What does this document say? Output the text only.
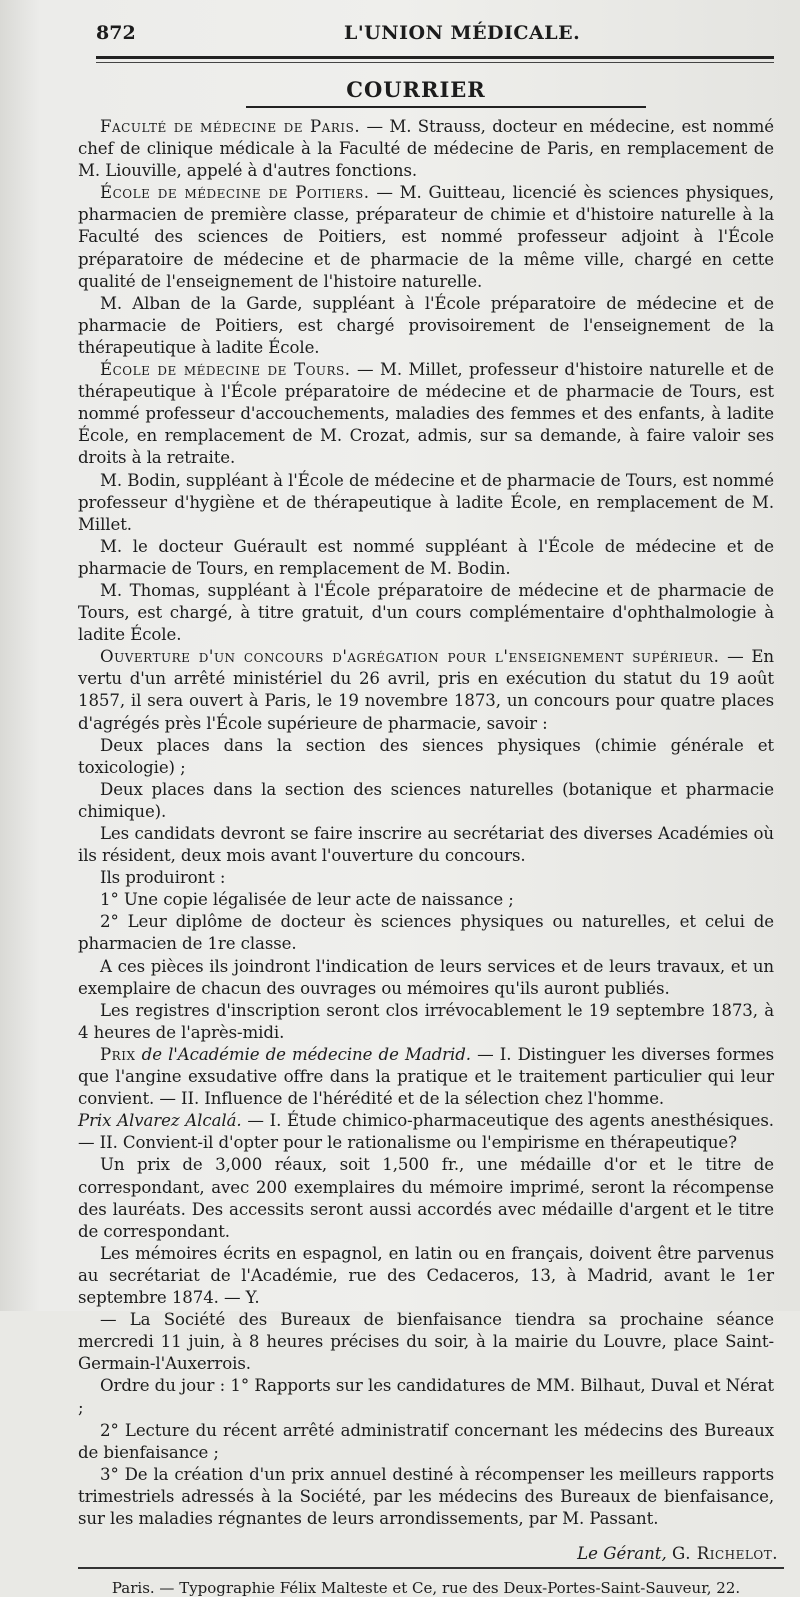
872	L'UNION MÉDICALE.
COURRIER

Faculté de médecine de Paris. — M. Strauss, docteur en médecine, est nommé chef de clinique médicale à la Faculté de médecine de Paris, en remplacement de M. Liouville, appelé à d'autres fonctions.

École de médecine de Poitiers. — M. Guitteau, licencié ès sciences physiques, pharmacien de première classe, préparateur de chimie et d'histoire naturelle à la Faculté des sciences de Poitiers, est nommé professeur adjoint à l'École préparatoire de médecine et de pharmacie de la même ville, chargé en cette qualité de l'enseignement de l'histoire naturelle.

M. Alban de la Garde, suppléant à l'École préparatoire de médecine et de pharmacie de Poitiers, est chargé provisoirement de l'enseignement de la thérapeutique à ladite École.

École de médecine de Tours. — M. Millet, professeur d'histoire naturelle et de thérapeutique à l'École préparatoire de médecine et de pharmacie de Tours, est nommé professeur d'accouchements, maladies des femmes et des enfants, à ladite École, en remplacement de M. Crozat, admis, sur sa demande, à faire valoir ses droits à la retraite.

M. Bodin, suppléant à l'École de médecine et de pharmacie de Tours, est nommé professeur d'hygiène et de thérapeutique à ladite École, en remplacement de M. Millet.

M. le docteur Guérault est nommé suppléant à l'École de médecine et de pharmacie de Tours, en remplacement de M. Bodin.

M. Thomas, suppléant à l'École préparatoire de médecine et de pharmacie de Tours, est chargé, à titre gratuit, d'un cours complémentaire d'ophthalmologie à ladite École.

Ouverture d'un concours d'agrégation pour l'enseignement supérieur. — En vertu d'un arrêté ministériel du 26 avril, pris en exécution du statut du 19 août 1857, il sera ouvert à Paris, le 19 novembre 1873, un concours pour quatre places d'agrégés près l'École supérieure de pharmacie, savoir :

Deux places dans la section des siences physiques (chimie générale et toxicologie) ;

Deux places dans la section des sciences naturelles (botanique et pharmacie chimique).

Les candidats devront se faire inscrire au secrétariat des diverses Académies où ils résident, deux mois avant l'ouverture du concours.

Ils produiront :

1° Une copie légalisée de leur acte de naissance ;

2° Leur diplôme de docteur ès sciences physiques ou naturelles, et celui de pharmacien de 1re classe.

A ces pièces ils joindront l'indication de leurs services et de leurs travaux, et un exemplaire de chacun des ouvrages ou mémoires qu'ils auront publiés.

Les registres d'inscription seront clos irrévocablement le 19 septembre 1873, à 4 heures de l'après-midi.

Prix de l'Académie de médecine de Madrid. — I. Distinguer les diverses formes que l'angine exsudative offre dans la pratique et le traitement particulier qui leur convient. — II. Influence de l'hérédité et de la sélection chez l'homme.

Prix Alvarez Alcalá. — I. Étude chimico-pharmaceutique des agents anesthésiques. — II. Convient-il d'opter pour le rationalisme ou l'empirisme en thérapeutique?

Un prix de 3,000 réaux, soit 1,500 fr., une médaille d'or et le titre de correspondant, avec 200 exemplaires du mémoire imprimé, seront la récompense des lauréats. Des accessits seront aussi accordés avec médaille d'argent et le titre de correspondant.

Les mémoires écrits en espagnol, en latin ou en français, doivent être parvenus au secrétariat de l'Académie, rue des Cedaceros, 13, à Madrid, avant le 1er septembre 1874. — Y.

— La Société des Bureaux de bienfaisance tiendra sa prochaine séance mercredi 11 juin, à 8 heures précises du soir, à la mairie du Louvre, place Saint-Germain-l'Auxerrois.

Ordre du jour : 1° Rapports sur les candidatures de MM. Bilhaut, Duval et Nérat ;

2° Lecture du récent arrêté administratif concernant les médecins des Bureaux de bienfaisance ;

3° De la création d'un prix annuel destiné à récompenser les meilleurs rapports trimestriels adressés à la Société, par les médecins des Bureaux de bienfaisance, sur les maladies régnantes de leurs arrondissements, par M. Passant.

Le Gérant, G. Richelot.
Paris. — Typographie Félix Malteste et Ce, rue des Deux-Portes-Saint-Sauveur, 22.
